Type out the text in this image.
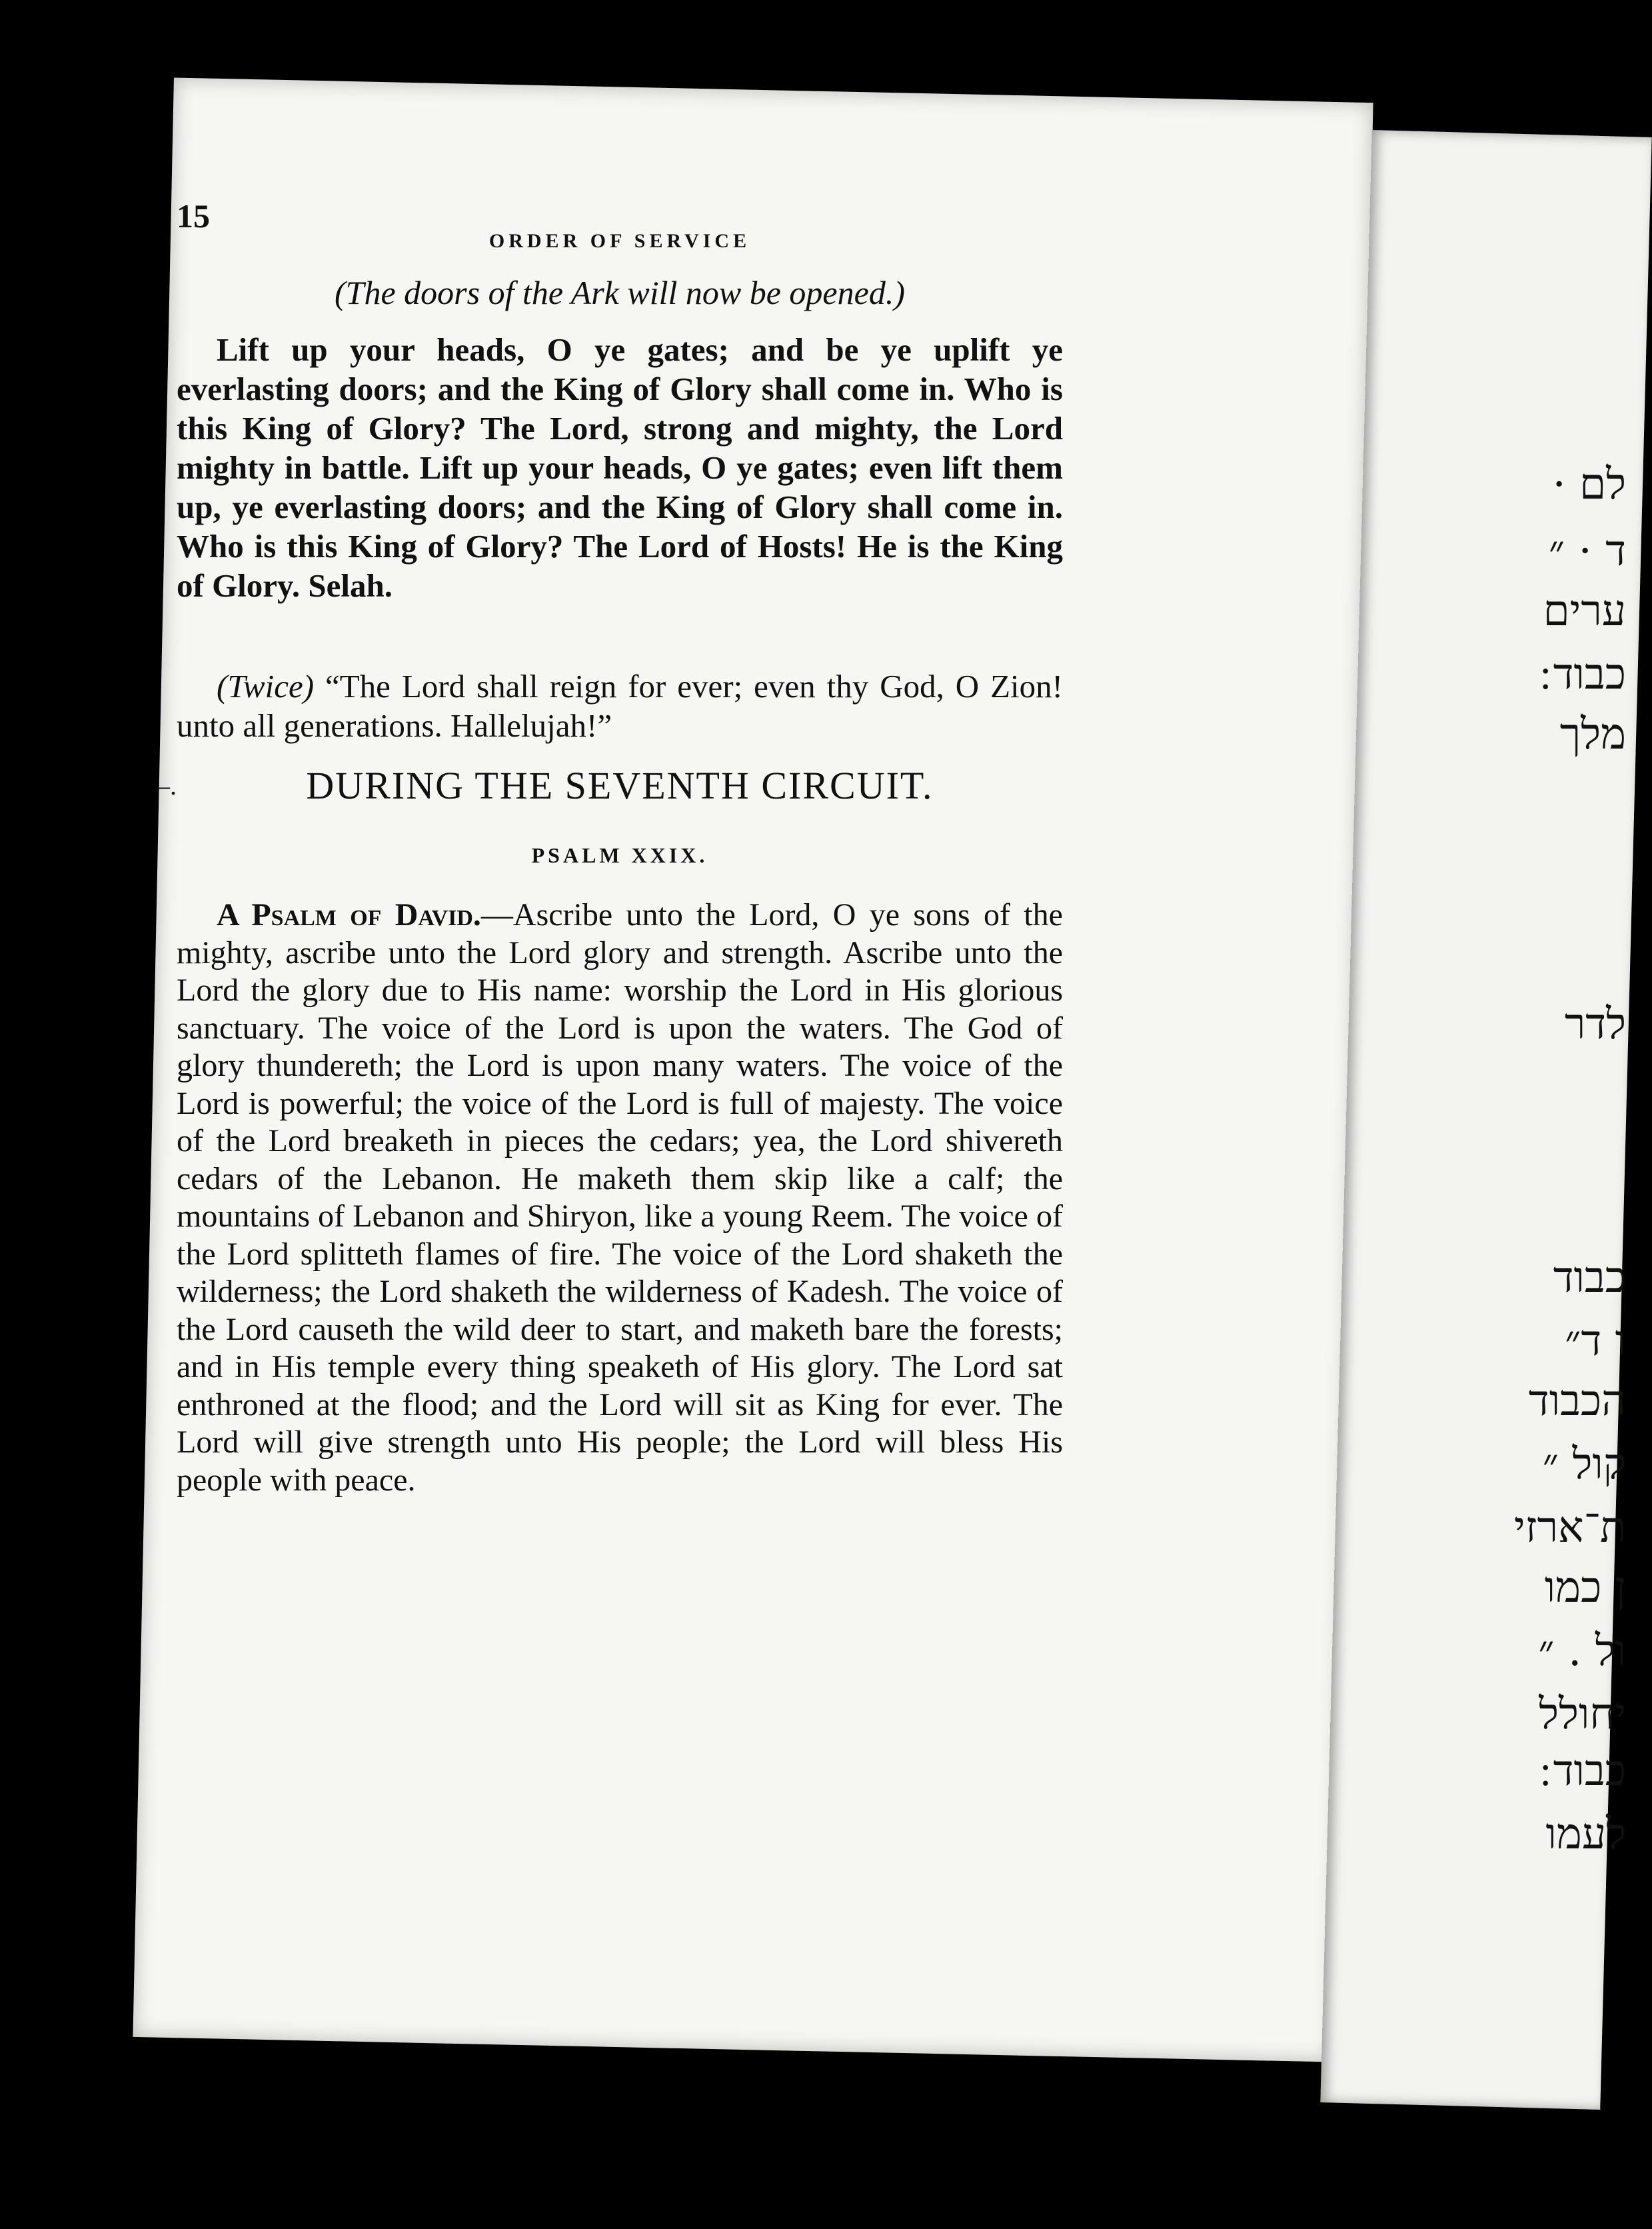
15
ORDER OF SERVICE
(The doors of the Ark will now be opened.)
Lift up your heads, O ye gates; and be ye uplift ye everlasting doors; and the King of Glory shall come in. Who is this King of Glory? The Lord, strong and mighty, the Lord mighty in battle. Lift up your heads, O ye gates; even lift them up, ye everlasting doors; and the King of Glory shall come in. Who is this King of Glory? The Lord of Hosts! He is the King of Glory. Selah.
(Twice) “The Lord shall reign for ever; even thy God, O Zion! unto all generations. Hallelujah!”
–.	DURING THE SEVENTH CIRCUIT.
PSALM XXIX.
A Psalm of David.—Ascribe unto the Lord, O ye sons of the mighty, ascribe unto the Lord glory and strength. Ascribe unto the Lord the glory due to His name: worship the Lord in His glorious sanctuary. The voice of the Lord is upon the waters. The God of glory thundereth; the Lord is upon many waters. The voice of the Lord is powerful; the voice of the Lord is full of majesty. The voice of the Lord breaketh in pieces the cedars; yea, the Lord shivereth cedars of the Lebanon. He maketh them skip like a calf; the mountains of Lebanon and Shiryon, like a young Reem. The voice of the Lord splitteth flames of fire. The voice of the Lord shaketh the wilderness; the Lord shaketh the wilderness of Kadesh. The voice of the Lord causeth the wild deer to start, and maketh bare the forests; and in His temple every thing speaketh of His glory. The Lord sat enthroned at the flood; and the Lord will sit as King for ever. The Lord will give strength unto His people; the Lord will bless His people with peace.
לם ·
ד · ״
ערים
כבוד ׃
מלך
לדר
כבוד
ו ד״
הכבוד
קול ״
ת־ארזי
ן כמו
ול . ״
יחולל
כבוד ׃
לעמו
